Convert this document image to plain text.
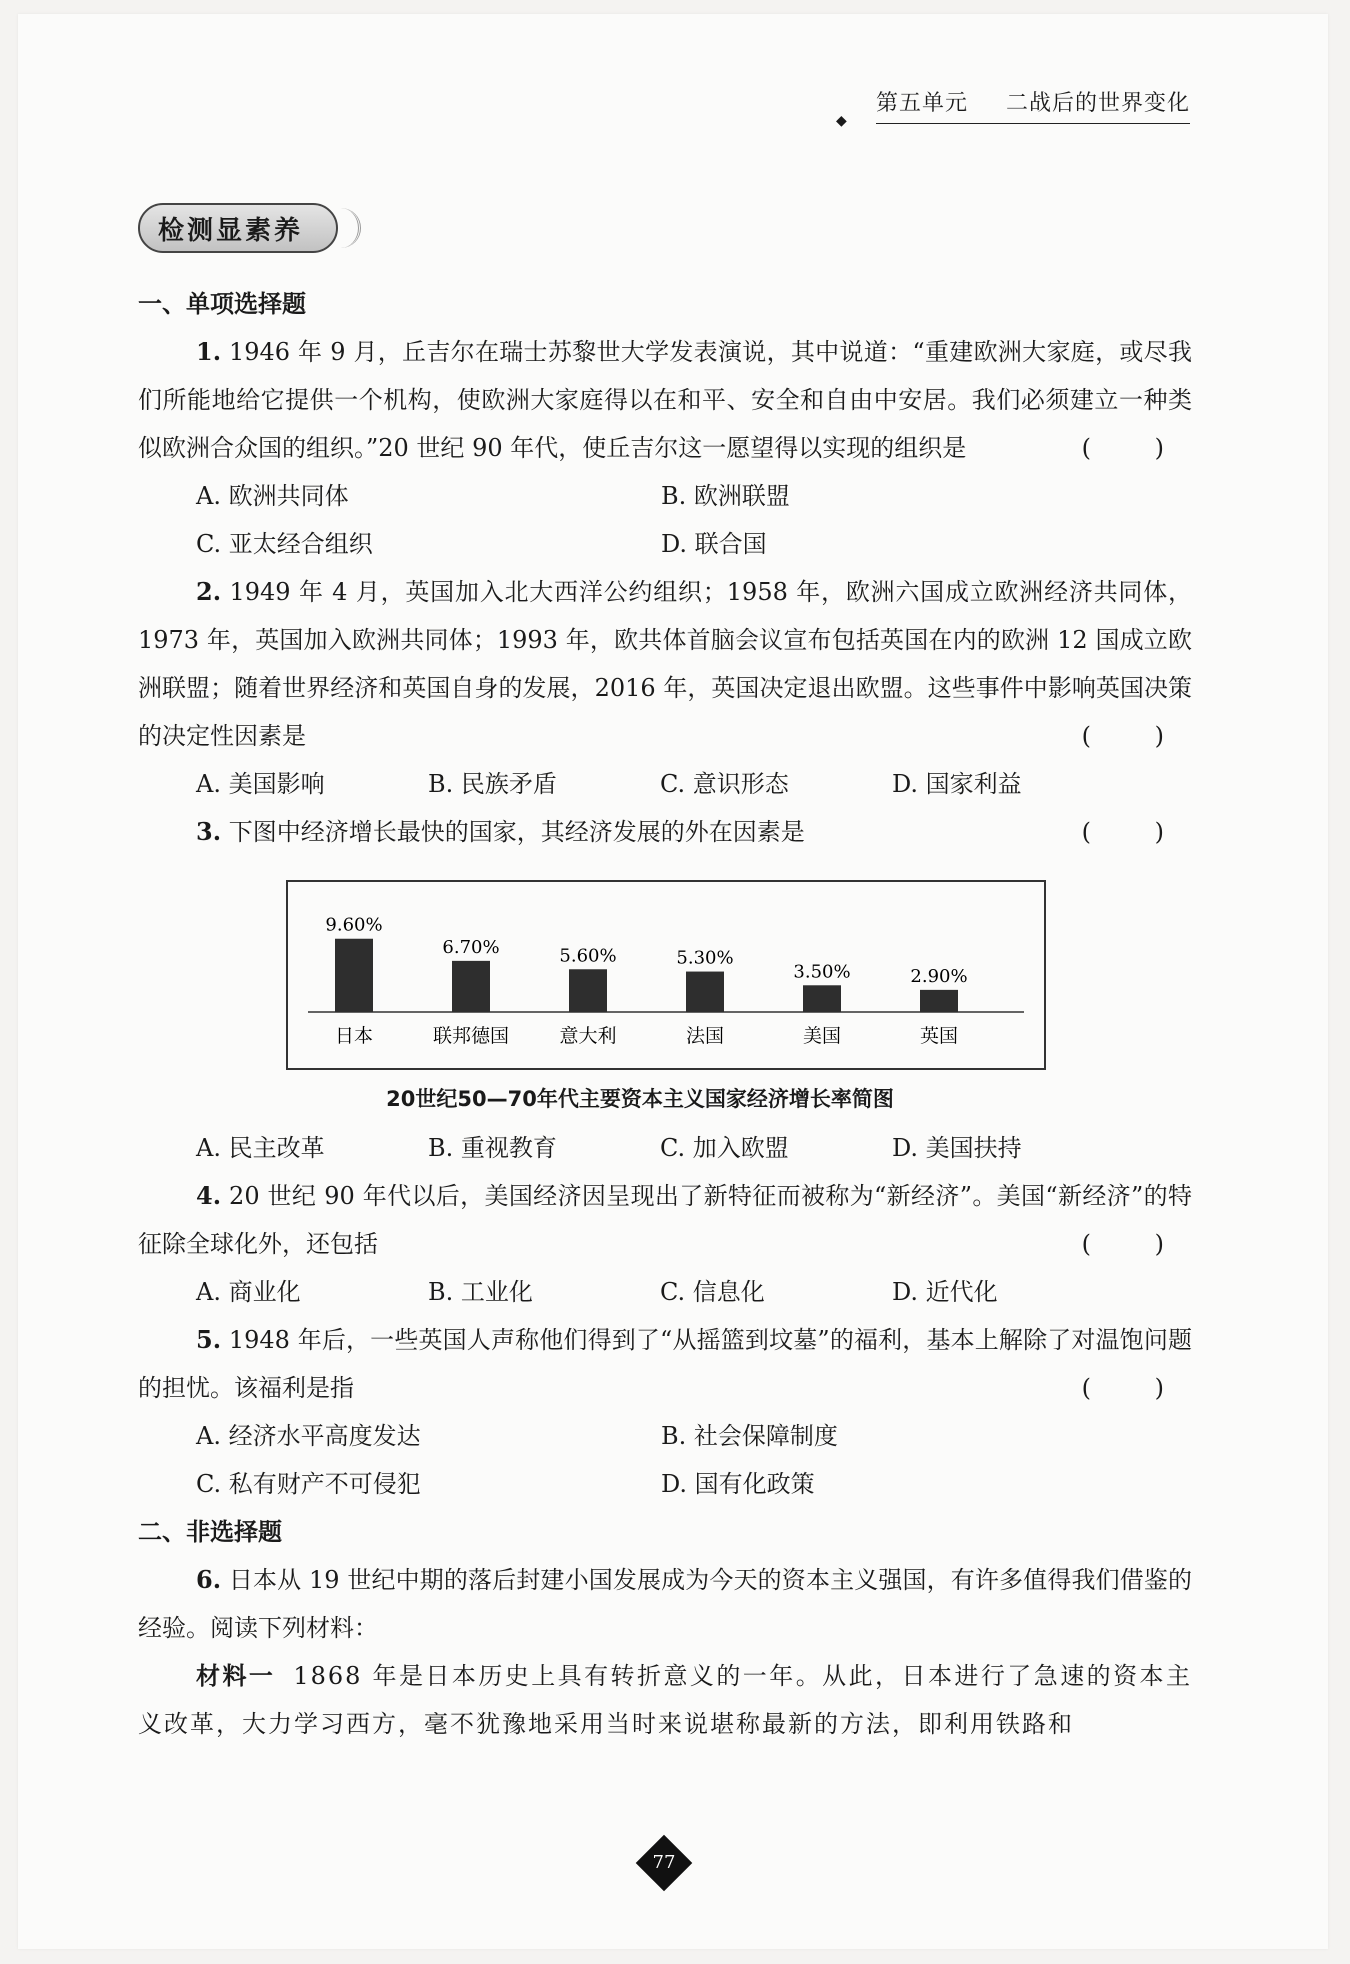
◆
第五单元 二战后的世界变化
检测显素养
一、单项选择题
1. 1946 年 9 月，丘吉尔在瑞士苏黎世大学发表演说，其中说道：“重建欧洲大家庭，或尽我们所能地给它提供一个机构，使欧洲大家庭得以在和平、安全和自由中安居。我们必须建立一种类似欧洲合众国的组织。”20 世纪 90 年代，使丘吉尔这一愿望得以实现的组织是	( )
A. 欧洲共同体	B. 欧洲联盟
C. 亚太经合组织	D. 联合国
2. 1949 年 4 月，英国加入北大西洋公约组织；1958 年，欧洲六国成立欧洲经济共同体，1973 年，英国加入欧洲共同体；1993 年，欧共体首脑会议宣布包括英国在内的欧洲 12 国成立欧洲联盟；随着世界经济和英国自身的发展，2016 年，英国决定退出欧盟。这些事件中影响英国决策的决定性因素是	( )
A. 美国影响	B. 民族矛盾	C. 意识形态	D. 国家利益
3. 下图中经济增长最快的国家，其经济发展的外在因素是	( )
9.60%
日本
6.70%
联邦德国
5.60%
意大利
5.30%
法国
3.50%
美国
2.90%
英国
20世纪50—70年代主要资本主义国家经济增长率简图
A. 民主改革	B. 重视教育	C. 加入欧盟	D. 美国扶持
4. 20 世纪 90 年代以后，美国经济因呈现出了新特征而被称为“新经济”。美国“新经济”的特征除全球化外，还包括	( )
A. 商业化	B. 工业化	C. 信息化	D. 近代化
5. 1948 年后，一些英国人声称他们得到了“从摇篮到坟墓”的福利，基本上解除了对温饱问题的担忧。该福利是指	( )
A. 经济水平高度发达	B. 社会保障制度
C. 私有财产不可侵犯	D. 国有化政策
二、非选择题
6. 日本从 19 世纪中期的落后封建小国发展成为今天的资本主义强国，有许多值得我们借鉴的经验。阅读下列材料：
材料一 1868 年是日本历史上具有转折意义的一年。从此，日本进行了急速的资本主义改革，大力学习西方，毫不犹豫地采用当时来说堪称最新的方法，即利用铁路和
77
